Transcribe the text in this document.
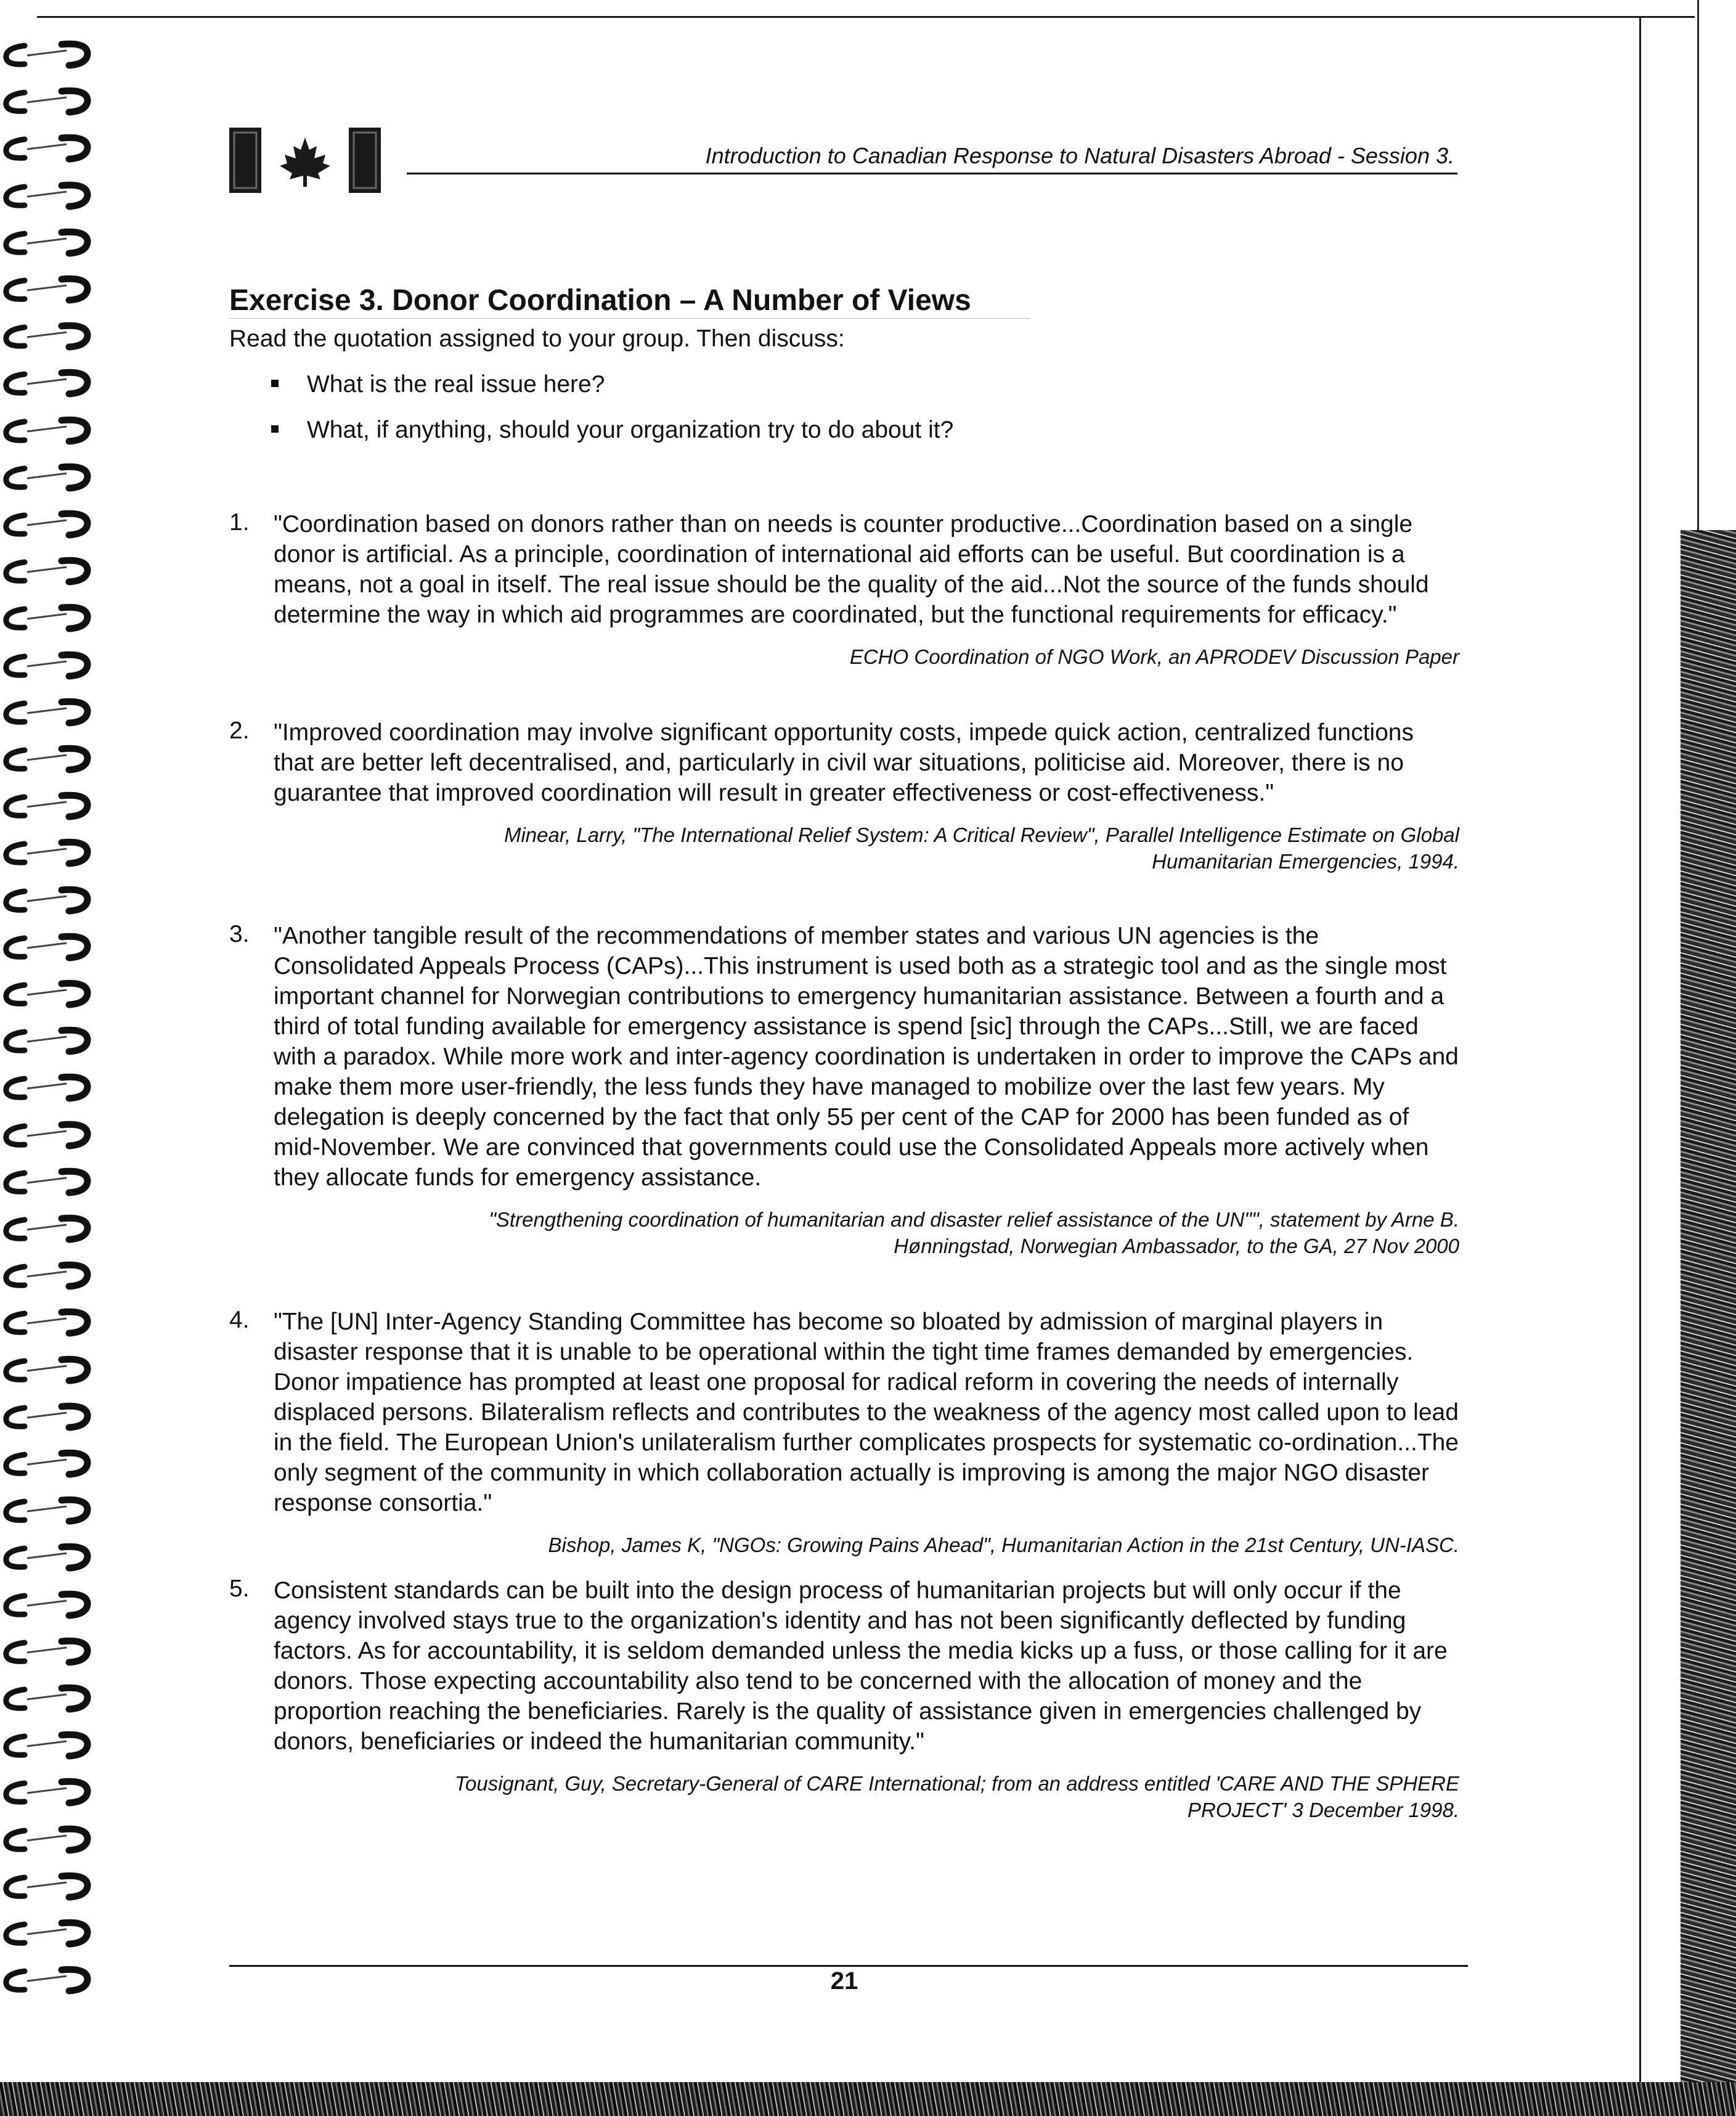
Introduction to Canadian Response to Natural Disasters Abroad - Session 3.
Exercise 3. Donor Coordination – A Number of Views
Read the quotation assigned to your group. Then discuss:
What is the real issue here?
What, if anything, should your organization try to do about it?
1. "Coordination based on donors rather than on needs is counter productive...Coordination based on a single donor is artificial. As a principle, coordination of international aid efforts can be useful. But coordination is a means, not a goal in itself. The real issue should be the quality of the aid...Not the source of the funds should determine the way in which aid programmes are coordinated, but the functional requirements for efficacy."
ECHO Coordination of NGO Work, an APRODEV Discussion Paper
2. "Improved coordination may involve significant opportunity costs, impede quick action, centralized functions that are better left decentralised, and, particularly in civil war situations, politicise aid. Moreover, there is no guarantee that improved coordination will result in greater effectiveness or cost-effectiveness."
Minear, Larry, "The International Relief System: A Critical Review", Parallel Intelligence Estimate on Global
Humanitarian Emergencies, 1994.
3. "Another tangible result of the recommendations of member states and various UN agencies is the Consolidated Appeals Process (CAPs)...This instrument is used both as a strategic tool and as the single most important channel for Norwegian contributions to emergency humanitarian assistance. Between a fourth and a third of total funding available for emergency assistance is spend [sic] through the CAPs...Still, we are faced with a paradox. While more work and inter-agency coordination is undertaken in order to improve the CAPs and make them more user-friendly, the less funds they have managed to mobilize over the last few years. My delegation is deeply concerned by the fact that only 55 per cent of the CAP for 2000 has been funded as of mid-November. We are convinced that governments could use the Consolidated Appeals more actively when they allocate funds for emergency assistance.
"Strengthening coordination of humanitarian and disaster relief assistance of the UN"", statement by Arne B.
Hønningstad, Norwegian Ambassador, to the GA, 27 Nov 2000
4. "The [UN] Inter-Agency Standing Committee has become so bloated by admission of marginal players in disaster response that it is unable to be operational within the tight time frames demanded by emergencies. Donor impatience has prompted at least one proposal for radical reform in covering the needs of internally displaced persons. Bilateralism reflects and contributes to the weakness of the agency most called upon to lead in the field. The European Union's unilateralism further complicates prospects for systematic co-ordination...The only segment of the community in which collaboration actually is improving is among the major NGO disaster response consortia."
Bishop, James K, "NGOs: Growing Pains Ahead", Humanitarian Action in the 21st Century, UN-IASC.
5. Consistent standards can be built into the design process of humanitarian projects but will only occur if the agency involved stays true to the organization's identity and has not been significantly deflected by funding factors. As for accountability, it is seldom demanded unless the media kicks up a fuss, or those calling for it are donors. Those expecting accountability also tend to be concerned with the allocation of money and the proportion reaching the beneficiaries. Rarely is the quality of assistance given in emergencies challenged by donors, beneficiaries or indeed the humanitarian community."
Tousignant, Guy, Secretary-General of CARE International; from an address entitled 'CARE AND THE SPHERE
PROJECT' 3 December 1998.
21
